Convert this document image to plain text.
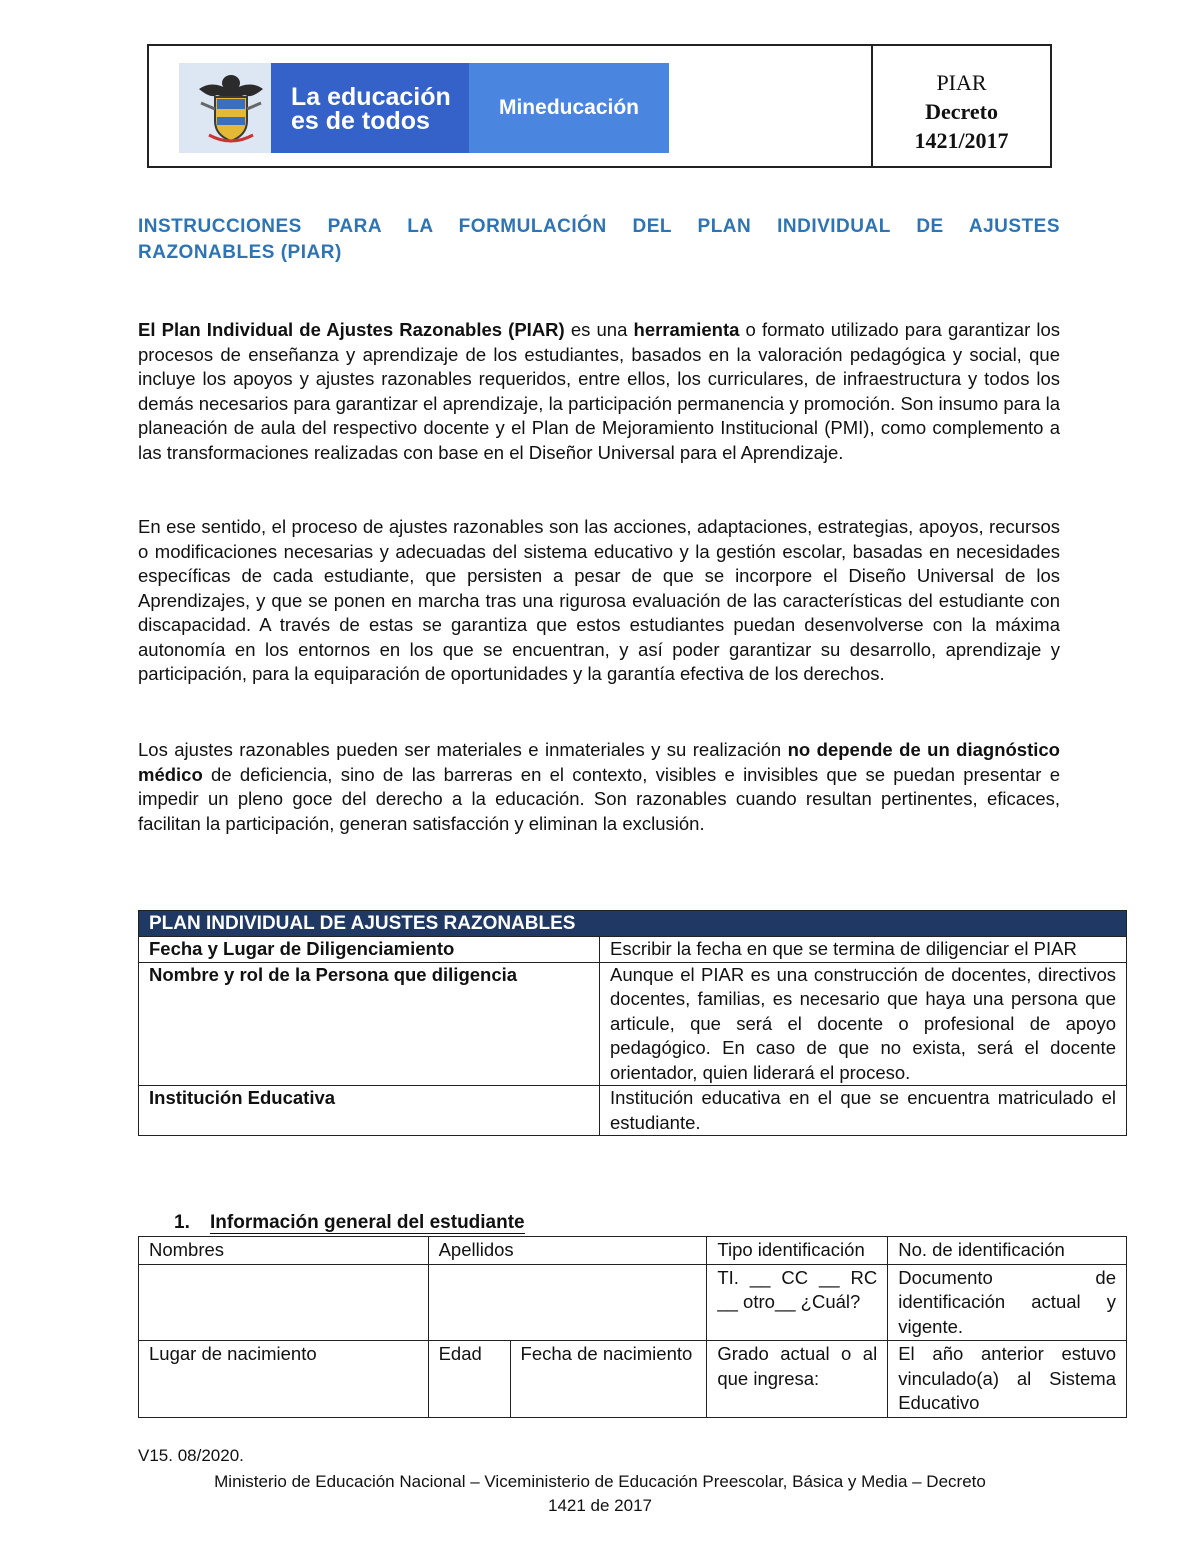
La educación
es de todos	Mineducación
PIAR
Decreto
1421/2017
INSTRUCCIONES PARA LA FORMULACIÓN DEL PLAN INDIVIDUAL DE AJUSTES
RAZONABLES (PIAR)
El Plan Individual de Ajustes Razonables (PIAR) es una herramienta o formato utilizado para garantizar los procesos de enseñanza y aprendizaje de los estudiantes, basados en la valoración pedagógica y social, que incluye los apoyos y ajustes razonables requeridos, entre ellos, los curriculares, de infraestructura y todos los demás necesarios para garantizar el aprendizaje, la participación permanencia y promoción. Son insumo para la planeación de aula del respectivo docente y el Plan de Mejoramiento Institucional (PMI), como complemento a las transformaciones realizadas con base en el Diseñor Universal para el Aprendizaje.
En ese sentido, el proceso de ajustes razonables son las acciones, adaptaciones, estrategias, apoyos, recursos o modificaciones necesarias y adecuadas del sistema educativo y la gestión escolar, basadas en necesidades específicas de cada estudiante, que persisten a pesar de que se incorpore el Diseño Universal de los Aprendizajes, y que se ponen en marcha tras una rigurosa evaluación de las características del estudiante con discapacidad. A través de estas se garantiza que estos estudiantes puedan desenvolverse con la máxima autonomía en los entornos en los que se encuentran, y así poder garantizar su desarrollo, aprendizaje y participación, para la equiparación de oportunidades y la garantía efectiva de los derechos.
Los ajustes razonables pueden ser materiales e inmateriales y su realización no depende de un diagnóstico médico de deficiencia, sino de las barreras en el contexto, visibles e invisibles que se puedan presentar e impedir un pleno goce del derecho a la educación. Son razonables cuando resultan pertinentes, eficaces, facilitan la participación, generan satisfacción y eliminan la exclusión.
PLAN INDIVIDUAL DE AJUSTES RAZONABLES	
Fecha y Lugar de Diligenciamiento	Escribir la fecha en que se termina de diligenciar el PIAR
Nombre y rol de la Persona que diligencia	Aunque el PIAR es una construcción de docentes, directivos docentes, familias, es necesario que haya una persona que articule, que será el docente o profesional de apoyo pedagógico. En caso de que no exista, será el docente orientador, quien liderará el proceso.
Institución Educativa	Institución educativa en el que se encuentra matriculado el estudiante.
1. Información general del estudiante
Nombres	Apellidos		Tipo identificación	No. de identificación
			TI. __ CC __ RC __ otro__ ¿Cuál?	Documento de identificación actual y vigente.
Lugar de nacimiento	Edad	Fecha de nacimiento	Grado actual o al que ingresa:	El año anterior estuvo vinculado(a) al Sistema Educativo
V15. 08/2020.
Ministerio de Educación Nacional – Viceministerio de Educación Preescolar, Básica y Media – Decreto
1421 de 2017
